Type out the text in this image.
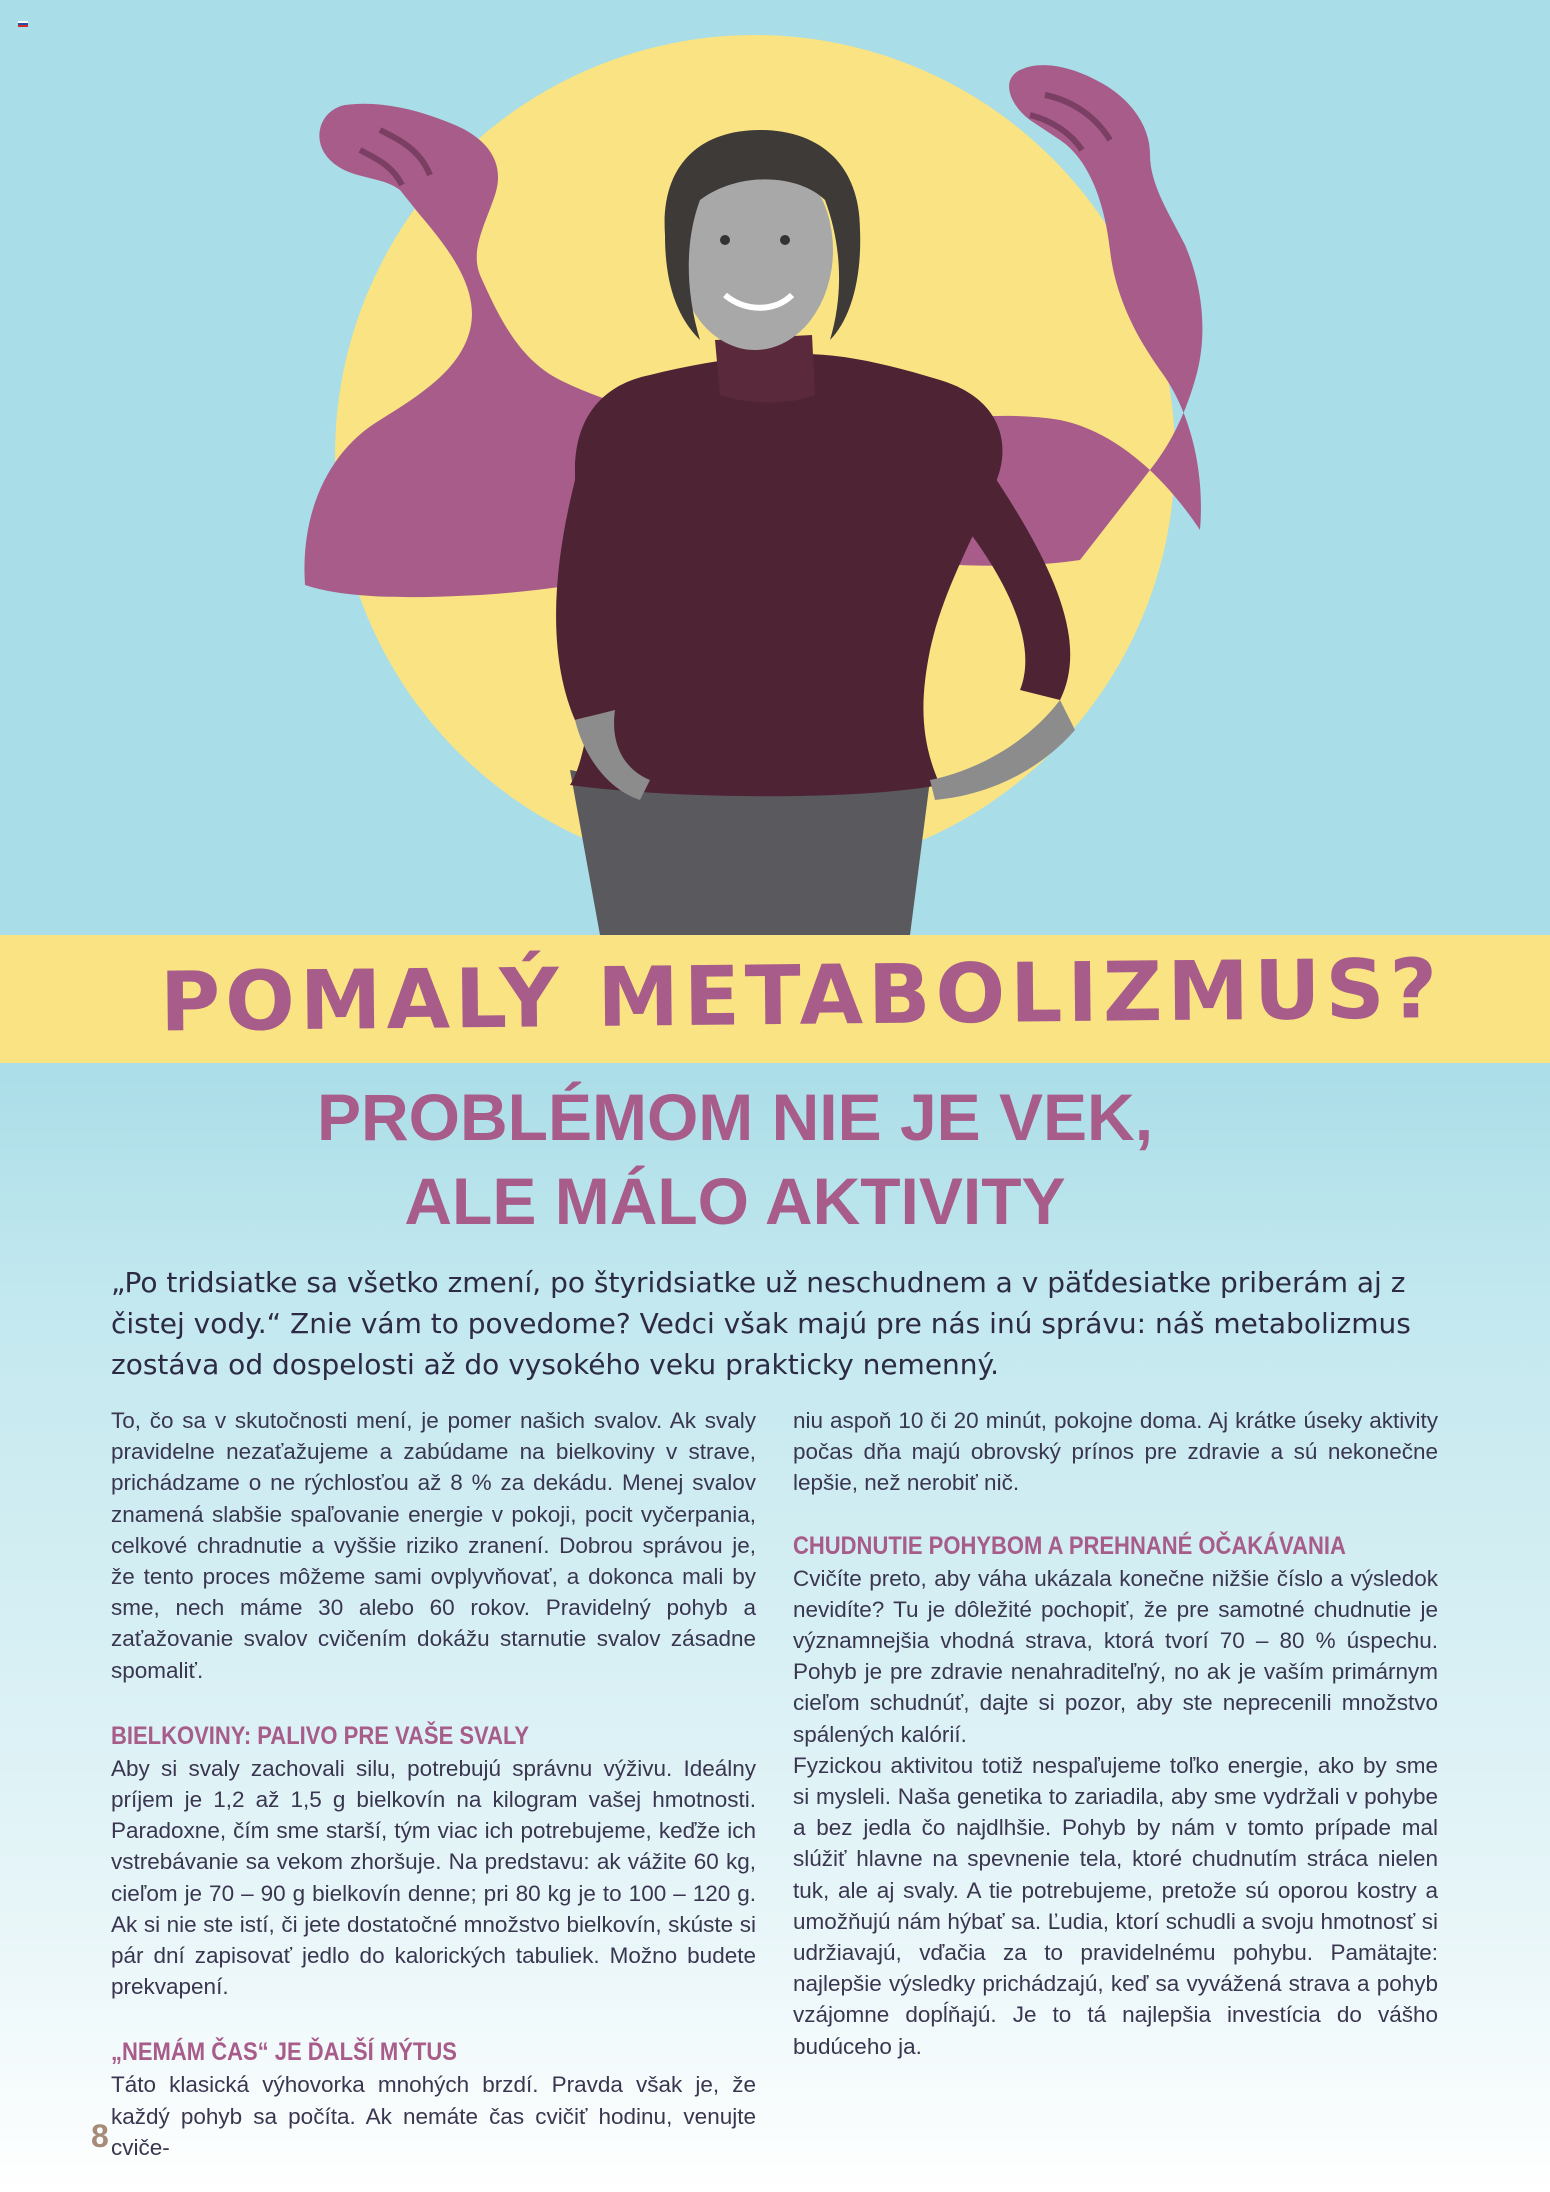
POMALÝ METABOLIZMUS?
PROBLÉMOM NIE JE VEK,
ALE MÁLO AKTIVITY

„Po tridsiatke sa všetko zmení, po štyridsiatke už neschudnem a v päťdesiatke priberám aj z čistej vody.“ Znie vám to povedome? Vedci však majú pre nás inú správu: náš metabolizmus zostáva od dospelosti až do vysokého veku prakticky nemenný.

To, čo sa v skutočnosti mení, je pomer našich svalov. Ak svaly pravidelne nezaťažujeme a zabúdame na bielkoviny v strave, prichádzame o ne rýchlosťou až 8 % za dekádu. Menej svalov znamená slabšie spaľovanie energie v pokoji, pocit vyčerpania, celkové chradnutie a vyššie riziko zranení. Dobrou správou je, že tento proces môžeme sami ovplyvňovať, a dokonca mali by sme, nech máme 30 alebo 60 rokov. Pravidelný pohyb a zaťažovanie svalov cvičením dokážu starnutie svalov zásadne spomaliť.

BIELKOVINY: PALIVO PRE VAŠE SVALY

Aby si svaly zachovali silu, potrebujú správnu výživu. Ideálny príjem je 1,2 až 1,5 g bielkovín na kilogram vašej hmotnosti. Paradoxne, čím sme starší, tým viac ich potrebujeme, keďže ich vstrebávanie sa vekom zhoršuje. Na predstavu: ak vážite 60 kg, cieľom je 70 – 90 g bielkovín denne; pri 80 kg je to 100 – 120 g. Ak si nie ste istí, či jete dostatočné množstvo bielkovín, skúste si pár dní zapisovať jedlo do kalorických tabuliek. Možno budete prekvapení.

„NEMÁM ČAS“ JE ĎALŠÍ MÝTUS

Táto klasická výhovorka mnohých brzdí. Pravda však je, že každý pohyb sa počíta. Ak nemáte čas cvičiť hodinu, venujte cviče-

niu aspoň 10 či 20 minút, pokojne doma. Aj krátke úseky aktivity počas dňa majú obrovský prínos pre zdravie a sú nekonečne lepšie, než nerobiť nič.

CHUDNUTIE POHYBOM A PREHNANÉ OČAKÁVANIA

Cvičíte preto, aby váha ukázala konečne nižšie číslo a výsledok nevidíte? Tu je dôležité pochopiť, že pre samotné chudnutie je významnejšia vhodná strava, ktorá tvorí 70 – 80 % úspechu. Pohyb je pre zdravie nenahraditeľný, no ak je vaším primárnym cieľom schudnúť, dajte si pozor, aby ste neprecenili množstvo spálených kalórií.

Fyzickou aktivitou totiž nespaľujeme toľko energie, ako by sme si mysleli. Naša genetika to zariadila, aby sme vydržali v pohybe a bez jedla čo najdlhšie. Pohyb by nám v tomto prípade mal slúžiť hlavne na spevnenie tela, ktoré chudnutím stráca nielen tuk, ale aj svaly. A tie potrebujeme, pretože sú oporou kostry a umožňujú nám hýbať sa. Ľudia, ktorí schudli a svoju hmotnosť si udržiavajú, vďačia za to pravidelnému pohybu. Pamätajte: najlepšie výsledky prichádzajú, keď sa vyvážená strava a pohyb vzájomne dopĺňajú. Je to tá najlepšia investícia do vášho budúceho ja.

8
